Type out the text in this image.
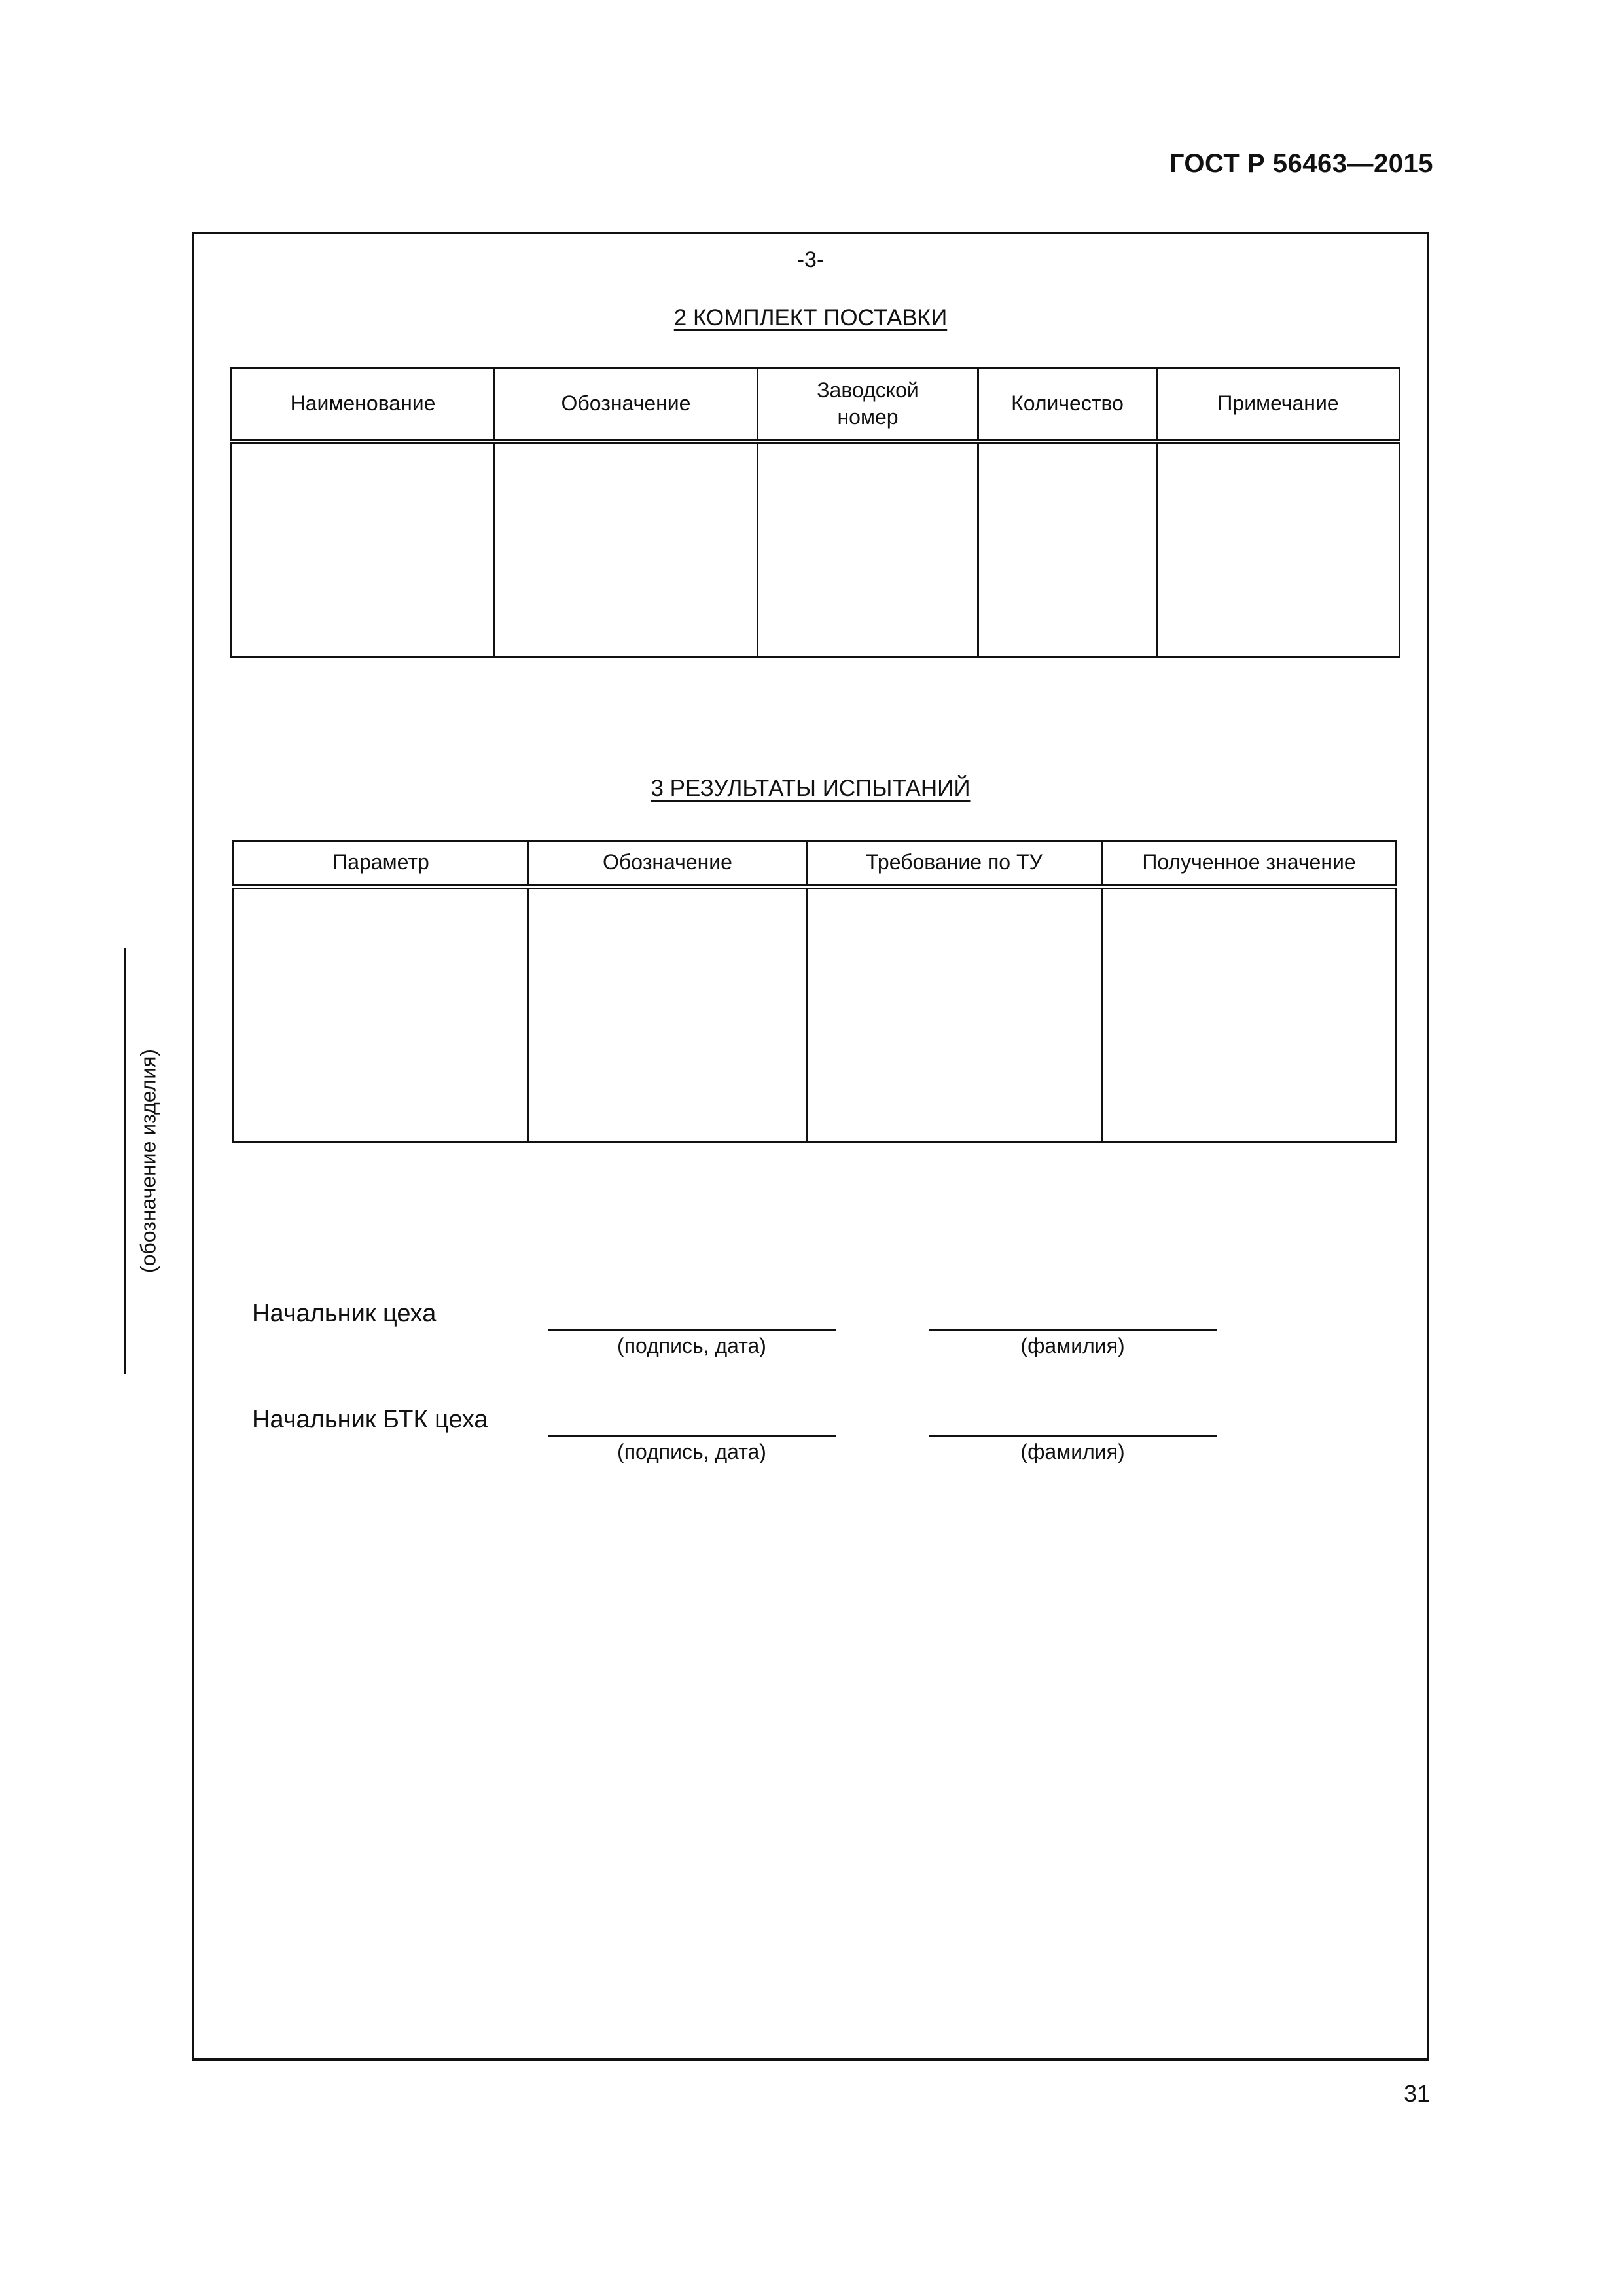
ГОСТ Р 56463—2015
(обозначение изделия)
-3-
2 КОМПЛЕКТ ПОСТАВКИ
Наименование	Обозначение	Заводской номер	Количество	Примечание

3 РЕЗУЛЬТАТЫ ИСПЫТАНИЙ
Параметр	Обозначение	Требование по ТУ	Полученное значение

Начальник цеха
(подпись, дата)	(фамилия)
Начальник БТК цеха
(подпись, дата)	(фамилия)
31
